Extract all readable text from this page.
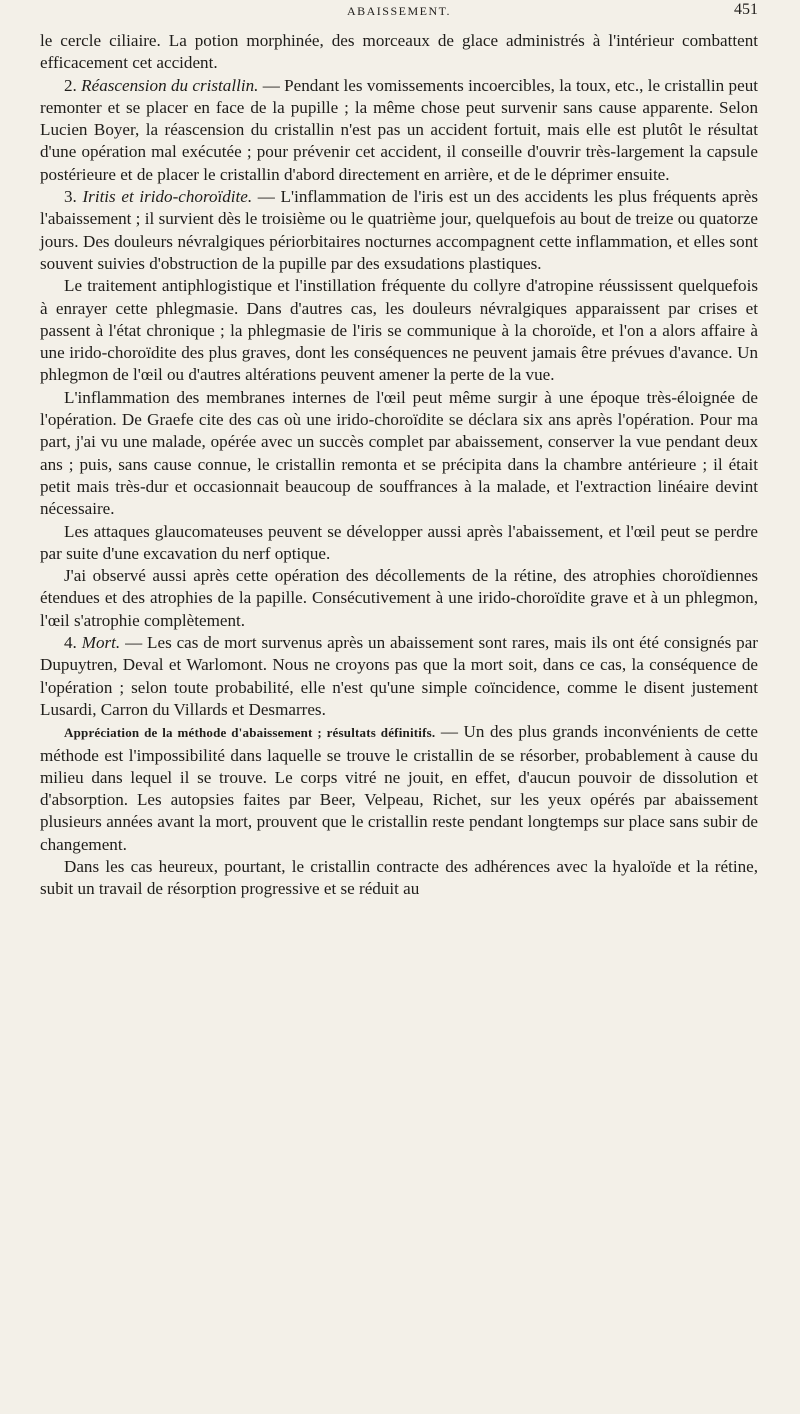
ABAISSEMENT.	451

le cercle ciliaire. La potion morphinée, des morceaux de glace administrés à l'intérieur combattent efficacement cet accident.

2. Réascension du cristallin. — Pendant les vomissements incoercibles, la toux, etc., le cristallin peut remonter et se placer en face de la pupille ; la même chose peut survenir sans cause apparente. Selon Lucien Boyer, la réascension du cristallin n'est pas un accident fortuit, mais elle est plutôt le résultat d'une opération mal exécutée ; pour prévenir cet accident, il conseille d'ouvrir très-largement la capsule postérieure et de placer le cristallin d'abord directement en arrière, et de le déprimer ensuite.

3. Iritis et irido-choroïdite. — L'inflammation de l'iris est un des accidents les plus fréquents après l'abaissement ; il survient dès le troisième ou le quatrième jour, quelquefois au bout de treize ou quatorze jours. Des douleurs névralgiques périorbitaires nocturnes accompagnent cette inflammation, et elles sont souvent suivies d'obstruction de la pupille par des exsudations plastiques.

Le traitement antiphlogistique et l'instillation fréquente du collyre d'atropine réussissent quelquefois à enrayer cette phlegmasie. Dans d'autres cas, les douleurs névralgiques apparaissent par crises et passent à l'état chronique ; la phlegmasie de l'iris se communique à la choroïde, et l'on a alors affaire à une irido-choroïdite des plus graves, dont les conséquences ne peuvent jamais être prévues d'avance. Un phlegmon de l'œil ou d'autres altérations peuvent amener la perte de la vue.

L'inflammation des membranes internes de l'œil peut même surgir à une époque très-éloignée de l'opération. De Graefe cite des cas où une irido-choroïdite se déclara six ans après l'opération. Pour ma part, j'ai vu une malade, opérée avec un succès complet par abaissement, conserver la vue pendant deux ans ; puis, sans cause connue, le cristallin remonta et se précipita dans la chambre antérieure ; il était petit mais très-dur et occasionnait beaucoup de souffrances à la malade, et l'extraction linéaire devint nécessaire.

Les attaques glaucomateuses peuvent se développer aussi après l'abaissement, et l'œil peut se perdre par suite d'une excavation du nerf optique.

J'ai observé aussi après cette opération des décollements de la rétine, des atrophies choroïdiennes étendues et des atrophies de la papille. Consécutivement à une irido-choroïdite grave et à un phlegmon, l'œil s'atrophie complètement.

4. Mort. — Les cas de mort survenus après un abaissement sont rares, mais ils ont été consignés par Dupuytren, Deval et Warlomont. Nous ne croyons pas que la mort soit, dans ce cas, la conséquence de l'opération ; selon toute probabilité, elle n'est qu'une simple coïncidence, comme le disent justement Lusardi, Carron du Villards et Desmarres.

Appréciation de la méthode d'abaissement ; résultats définitifs. — Un des plus grands inconvénients de cette méthode est l'impossibilité dans laquelle se trouve le cristallin de se résorber, probablement à cause du milieu dans lequel il se trouve. Le corps vitré ne jouit, en effet, d'aucun pouvoir de dissolution et d'absorption. Les autopsies faites par Beer, Velpeau, Richet, sur les yeux opérés par abaissement plusieurs années avant la mort, prouvent que le cristallin reste pendant longtemps sur place sans subir de changement.

Dans les cas heureux, pourtant, le cristallin contracte des adhérences avec la hyaloïde et la rétine, subit un travail de résorption progressive et se réduit au
